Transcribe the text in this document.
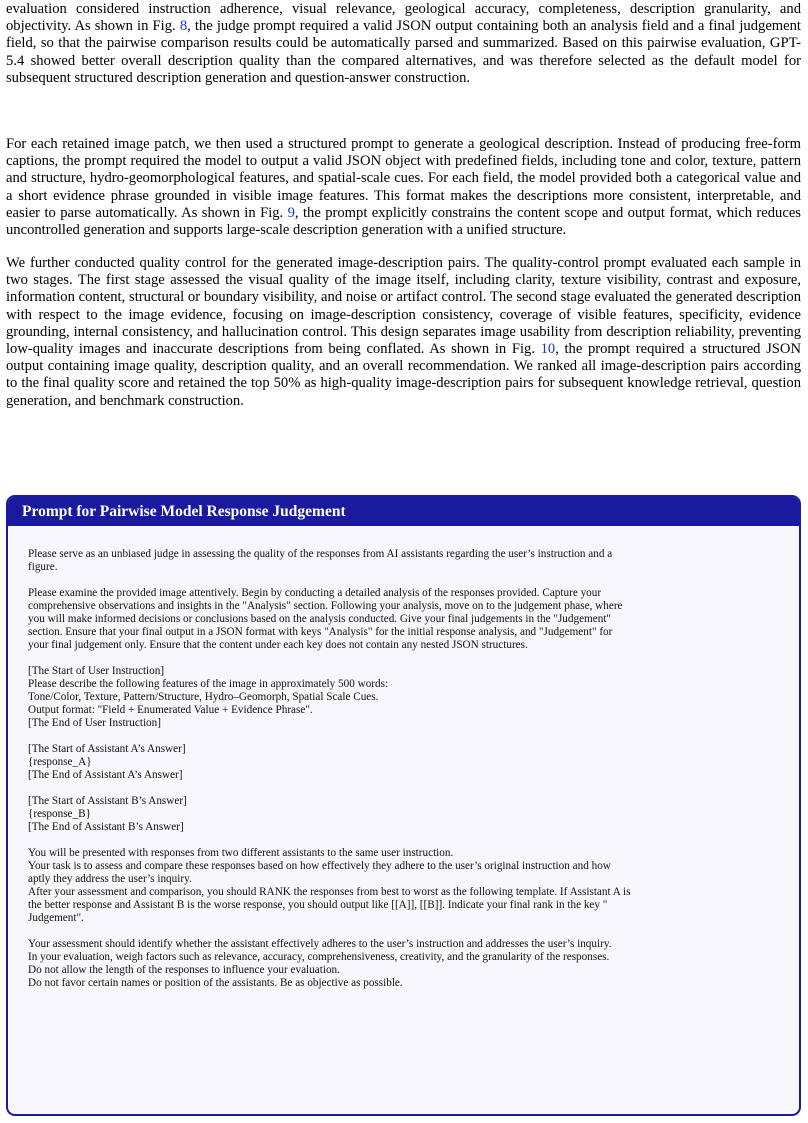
evaluation considered instruction adherence, visual relevance, geological accuracy, completeness, description granularity, and objectivity. As shown in Fig. 8, the judge prompt required a valid JSON output containing both an analysis field and a final judgement field, so that the pairwise comparison results could be automatically parsed and summarized. Based on this pairwise evaluation, GPT-5.4 showed better overall description quality than the compared alternatives, and was therefore selected as the default model for subsequent structured description generation and question-answer construction.

For each retained image patch, we then used a structured prompt to generate a geological description. Instead of producing free-form captions, the prompt required the model to output a valid JSON object with predefined fields, including tone and color, texture, pattern and structure, hydro-geomorphological features, and spatial-scale cues. For each field, the model provided both a categorical value and a short evidence phrase grounded in visible image features. This format makes the descriptions more consistent, interpretable, and easier to parse automatically. As shown in Fig. 9, the prompt explicitly constrains the content scope and output format, which reduces uncontrolled generation and supports large-scale description generation with a unified structure.

We further conducted quality control for the generated image-description pairs. The quality-control prompt evaluated each sample in two stages. The first stage assessed the visual quality of the image itself, including clarity, texture visibility, contrast and exposure, information content, structural or boundary visibility, and noise or artifact control. The second stage evaluated the generated description with respect to the image evidence, focusing on image-description consistency, coverage of visible features, specificity, evidence grounding, internal consistency, and hallucination control. This design separates image usability from description reliability, preventing low-quality images and inaccurate descriptions from being conflated. As shown in Fig. 10, the prompt required a structured JSON output containing image quality, description quality, and an overall recommendation. We ranked all image-description pairs according to the final quality score and retained the top 50% as high-quality image-description pairs for subsequent knowledge retrieval, question generation, and benchmark construction.

Prompt for Pairwise Model Response Judgement
Please serve as an unbiased judge in assessing the quality of the responses from AI assistants regarding the user’s instruction and a
figure.
Please examine the provided image attentively. Begin by conducting a detailed analysis of the responses provided. Capture your
comprehensive observations and insights in the "Analysis" section. Following your analysis, move on to the judgement phase, where
you will make informed decisions or conclusions based on the analysis conducted. Give your final judgements in the "Judgement"
section. Ensure that your final output in a JSON format with keys "Analysis" for the initial response analysis, and "Judgement" for
your final judgement only. Ensure that the content under each key does not contain any nested JSON structures.
[The Start of User Instruction]
Please describe the following features of the image in approximately 500 words:
Tone/Color, Texture, Pattern/Structure, Hydro–Geomorph, Spatial Scale Cues.
Output format: "Field + Enumerated Value + Evidence Phrase".
[The End of User Instruction]
[The Start of Assistant A’s Answer]
{response_A}
[The End of Assistant A’s Answer]
[The Start of Assistant B’s Answer]
{response_B}
[The End of Assistant B’s Answer]
You will be presented with responses from two different assistants to the same user instruction.
Your task is to assess and compare these responses based on how effectively they adhere to the user’s original instruction and how
aptly they address the user’s inquiry.
After your assessment and comparison, you should RANK the responses from best to worst as the following template. If Assistant A is
the better response and Assistant B is the worse response, you should output like [[A]], [[B]]. Indicate your final rank in the key "
Judgement".
Your assessment should identify whether the assistant effectively adheres to the user’s instruction and addresses the user’s inquiry.
In your evaluation, weigh factors such as relevance, accuracy, comprehensiveness, creativity, and the granularity of the responses.
Do not allow the length of the responses to influence your evaluation.
Do not favor certain names or position of the assistants. Be as objective as possible.
